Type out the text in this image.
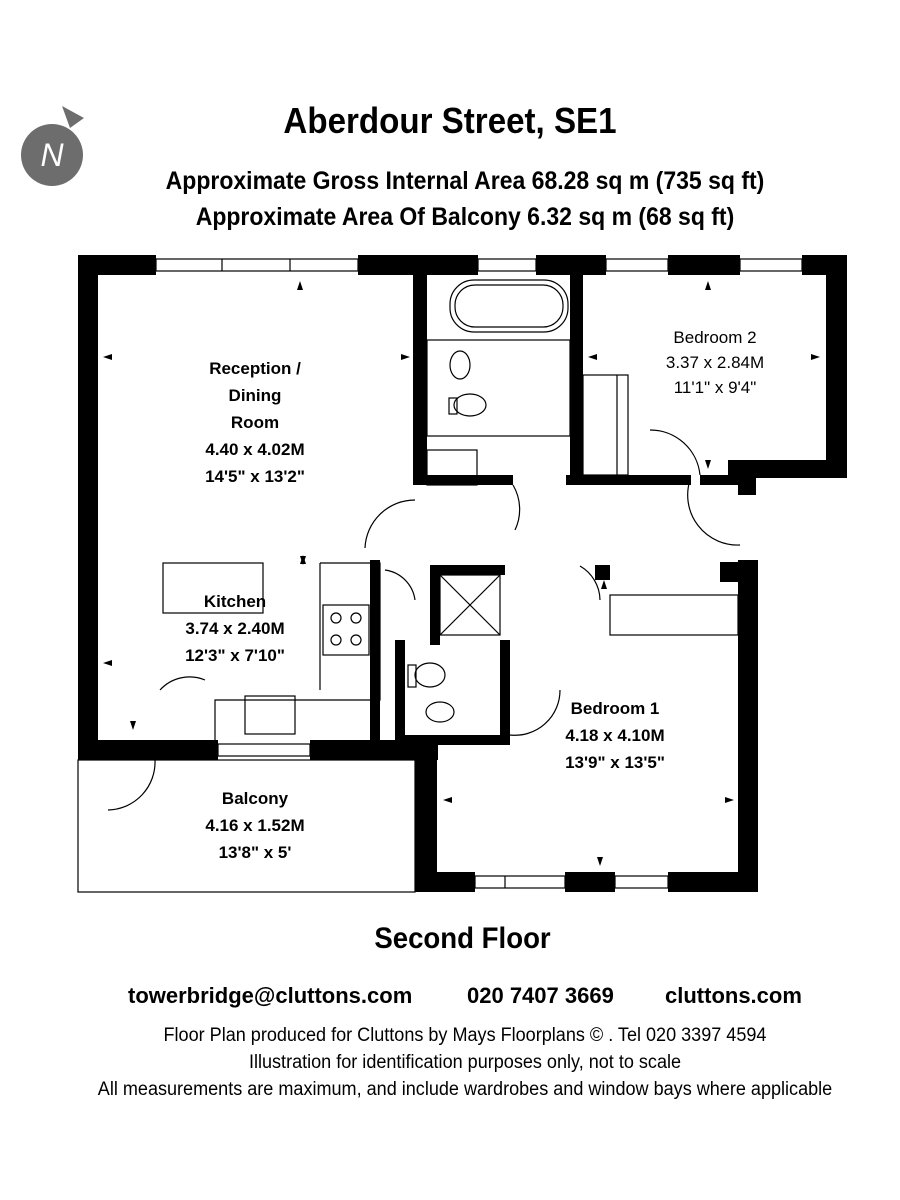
Aberdour Street, SE1
Approximate Gross Internal Area 68.28 sq m (735 sq ft)
Approximate Area Of Balcony 6.32 sq m (68 sq ft)
N
Reception /
Dining
Room
4.40 x 4.02M
14'5" x 13'2"
Kitchen
3.74 x 2.40M
12'3" x 7'10"
Bedroom 2
3.37 x 2.84M
11'1" x 9'4"
Bedroom 1
4.18 x 4.10M
13'9" x 13'5"
Balcony
4.16 x 1.52M
13'8" x 5'
Second Floor
towerbridge@cluttons.com 020 7407 3669 cluttons.com
Floor Plan produced for Cluttons by Mays Floorplans © . Tel 020 3397 4594
Illustration for identification purposes only, not to scale
All measurements are maximum, and include wardrobes and window bays where applicable
